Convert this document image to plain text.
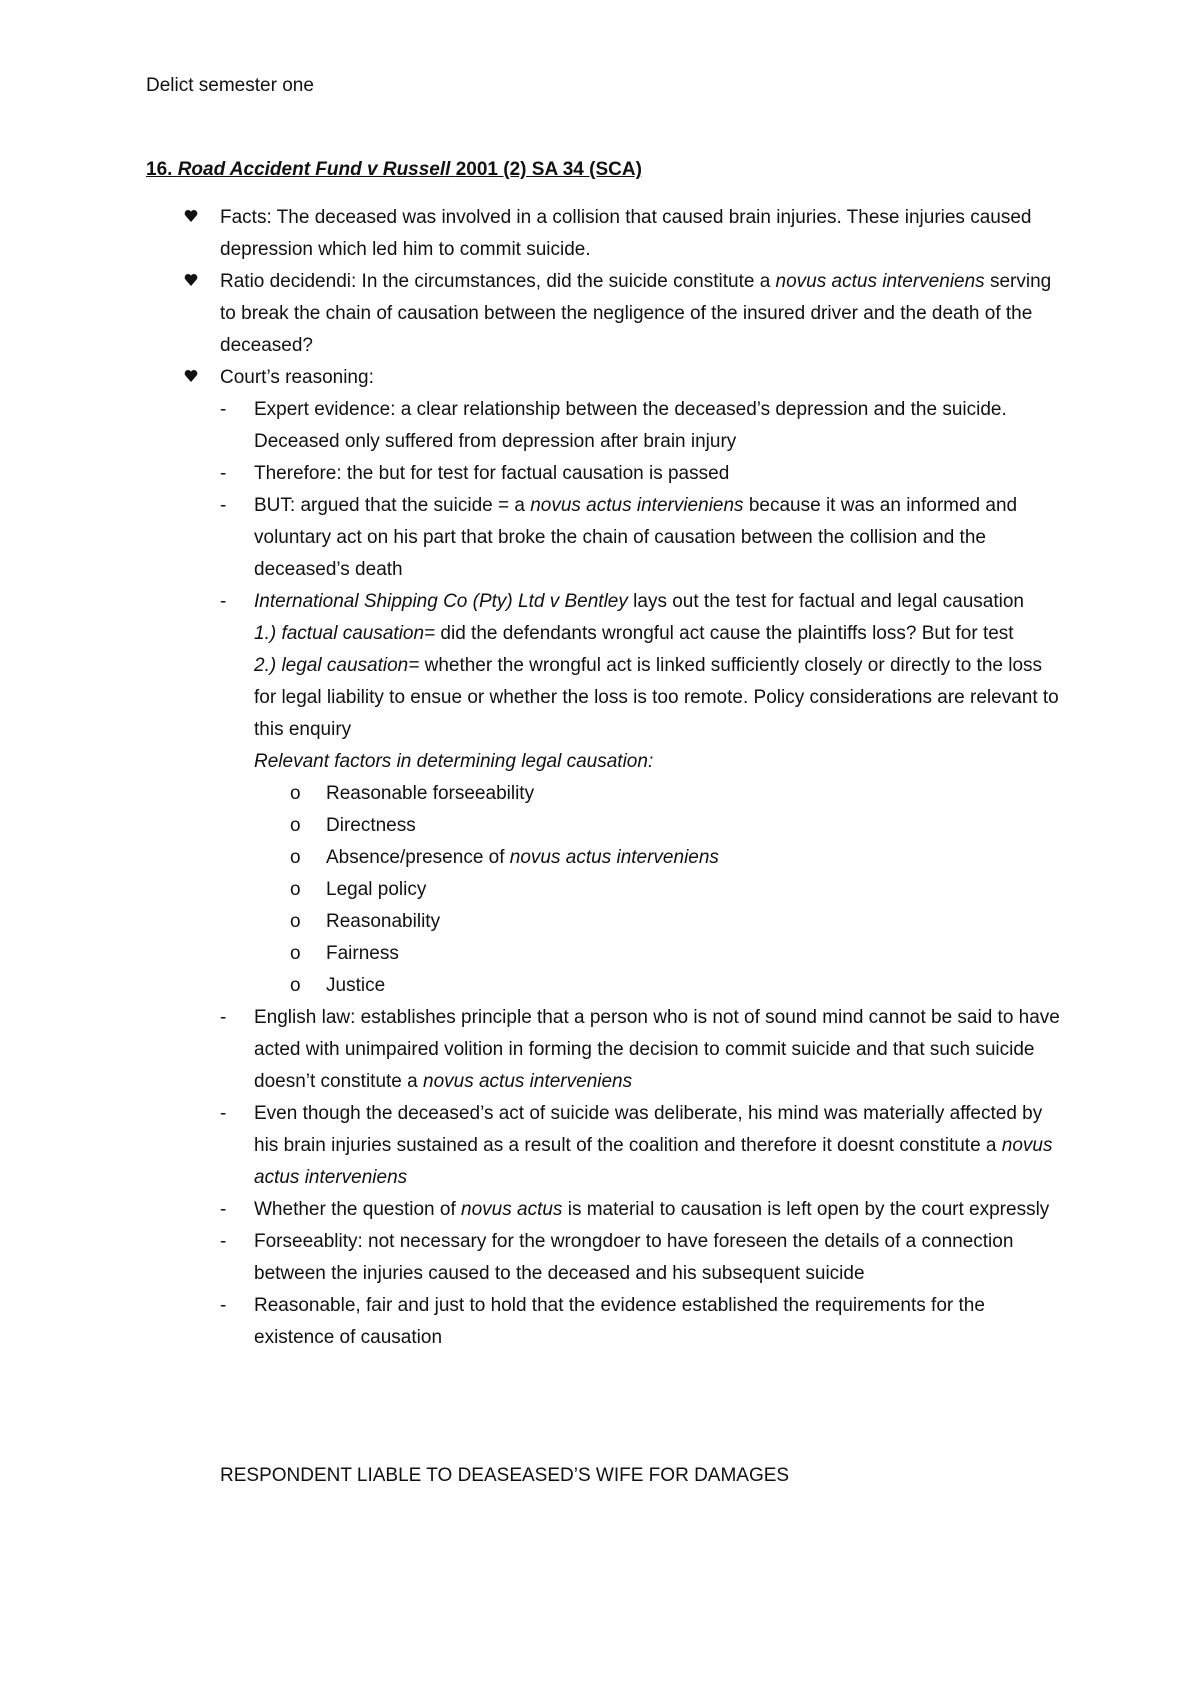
Delict semester one
16. Road Accident Fund v Russell 2001 (2) SA 34 (SCA)
Facts: The deceased was involved in a collision that caused brain injuries. These injuries caused depression which led him to commit suicide.
Ratio decidendi: In the circumstances, did the suicide constitute a novus actus interveniens serving to break the chain of causation between the negligence of the insured driver and the death of the deceased?
Court’s reasoning:
- Expert evidence: a clear relationship between the deceased’s depression and the suicide. Deceased only suffered from depression after brain injury
- Therefore: the but for test for factual causation is passed
- BUT: argued that the suicide = a novus actus intervieniens because it was an informed and voluntary act on his part that broke the chain of causation between the collision and the deceased’s death
- International Shipping Co (Pty) Ltd v Bentley lays out the test for factual and legal causation
1.) factual causation= did the defendants wrongful act cause the plaintiffs loss? But for test
2.) legal causation= whether the wrongful act is linked sufficiently closely or directly to the loss for legal liability to ensue or whether the loss is too remote. Policy considerations are relevant to this enquiry
Relevant factors in determining legal causation:
o Reasonable forseeability
o Directness
o Absence/presence of novus actus interveniens
o Legal policy
o Reasonability
o Fairness
o Justice
- English law: establishes principle that a person who is not of sound mind cannot be said to have acted with unimpaired volition in forming the decision to commit suicide and that such suicide doesn’t constitute a novus actus interveniens
- Even though the deceased’s act of suicide was deliberate, his mind was materially affected by his brain injuries sustained as a result of the coalition and therefore it doesnt constitute a novus actus interveniens
- Whether the question of novus actus is material to causation is left open by the court expressly
- Forseeablity: not necessary for the wrongdoer to have foreseen the details of a connection between the injuries caused to the deceased and his subsequent suicide
- Reasonable, fair and just to hold that the evidence established the requirements for the existence of causation
RESPONDENT LIABLE TO DEASEASED’S WIFE FOR DAMAGES
